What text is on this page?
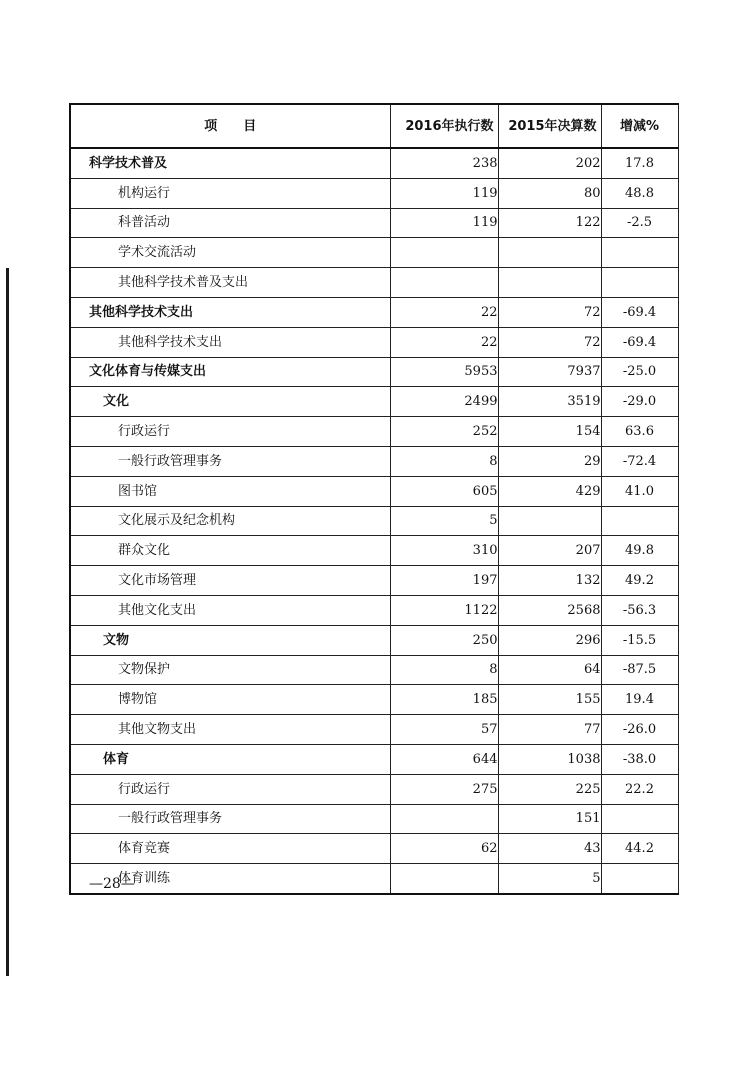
项目	2016年执行数	2015年决算数	增减%
科学技术普及	238	202	17.8
机构运行	119	80	48.8
科普活动	119	122	-2.5
学术交流活动			
其他科学技术普及支出			
其他科学技术支出	22	72	-69.4
其他科学技术支出	22	72	-69.4
文化体育与传媒支出	5953	7937	-25.0
文化	2499	3519	-29.0
行政运行	252	154	63.6
一般行政管理事务	8	29	-72.4
图书馆	605	429	41.0
文化展示及纪念机构	5		
群众文化	310	207	49.8
文化市场管理	197	132	49.2
其他文化支出	1122	2568	-56.3
文物	250	296	-15.5
文物保护	8	64	-87.5
博物馆	185	155	19.4
其他文物支出	57	77	-26.0
体育	644	1038	-38.0
行政运行	275	225	22.2
一般行政管理事务		151	
体育竞赛	62	43	44.2
体育训练		5	
—28—
